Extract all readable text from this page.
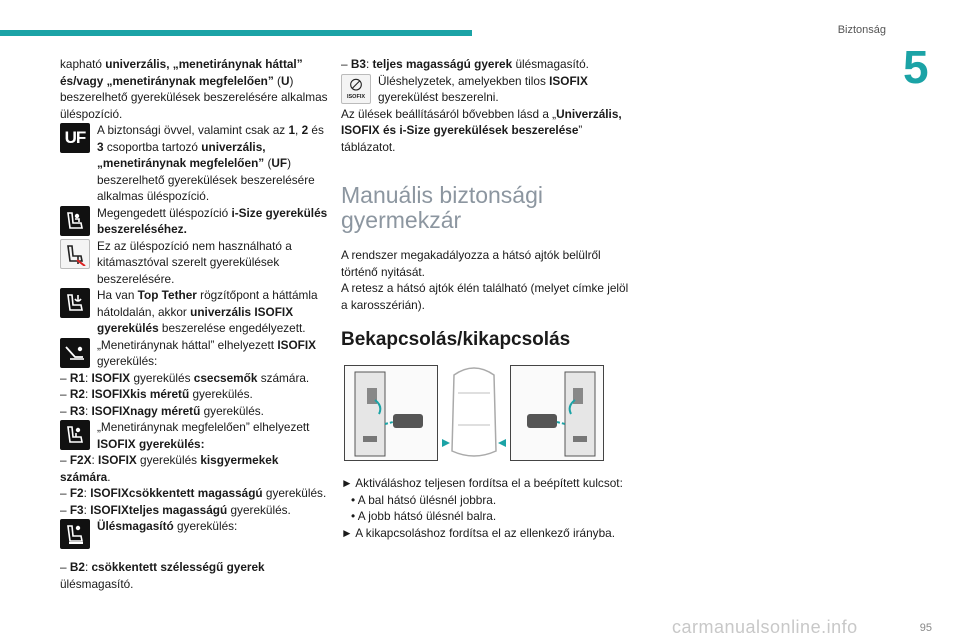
Biztonság
5

kapható univerzális, „menetiránynak háttal” és/vagy „menetiránynak megfelelően” (U) beszerelhető gyerekülések beszerelésére alkalmas üléspozíció.

UF A biztonsági övvel, valamint csak az 1, 2 és 3 csoportba tartozó univerzális, „menetiránynak megfelelően” (UF) beszerelhető gyerekülések beszerelésére alkalmas üléspozíció.
Megengedett üléspozíció i-Size gyerekülés beszereléséhez.
Ez az üléspozíció nem használható a kitámasztóval szerelt gyerekülések beszerelésére.
Ha van Top Tether rögzítőpont a háttámla hátoldalán, akkor univerzális ISOFIX gyerekülés beszerelése engedélyezett.
„Menetiránynak háttal” elhelyezett ISOFIX gyerekülés:

– R1: ISOFIX gyerekülés csecsemők számára.

– R2: ISOFIXkis méretű gyerekülés.

– R3: ISOFIXnagy méretű gyerekülés.

„Menetiránynak megfelelően” elhelyezett ISOFIX gyerekülés:

– F2X: ISOFIX gyerekülés kisgyermekek számára.

– F2: ISOFIXcsökkentett magasságú gyerekülés.

– F3: ISOFIXteljes magasságú gyerekülés.

Ülésmagasító gyerekülés:

– B2: csökkentett szélességű gyerek ülésmagasító.

– B3: teljes magasságú gyerek ülésmagasító.

ISOFIX
Üléshelyzetek, amelyekben tilos ISOFIX gyerekülést beszerelni.

Az ülések beállításáról bővebben lásd a „Univerzális, ISOFIX és i-Size gyerekülések beszerelése” táblázatot.

Manuális biztonsági gyermekzár

A rendszer megakadályozza a hátsó ajtók belülről történő nyitását.

A retesz a hátsó ajtók élén található (melyet címke jelöl a karosszérián).

Bekapcsolás/kikapcsolás

► Aktiváláshoz teljesen fordítsa el a beépített kulcsot:

• A bal hátsó ülésnél jobbra.

• A jobb hátsó ülésnél balra.

► A kikapcsoláshoz fordítsa el az ellenkező irányba.

carmanualsonline.info	95
